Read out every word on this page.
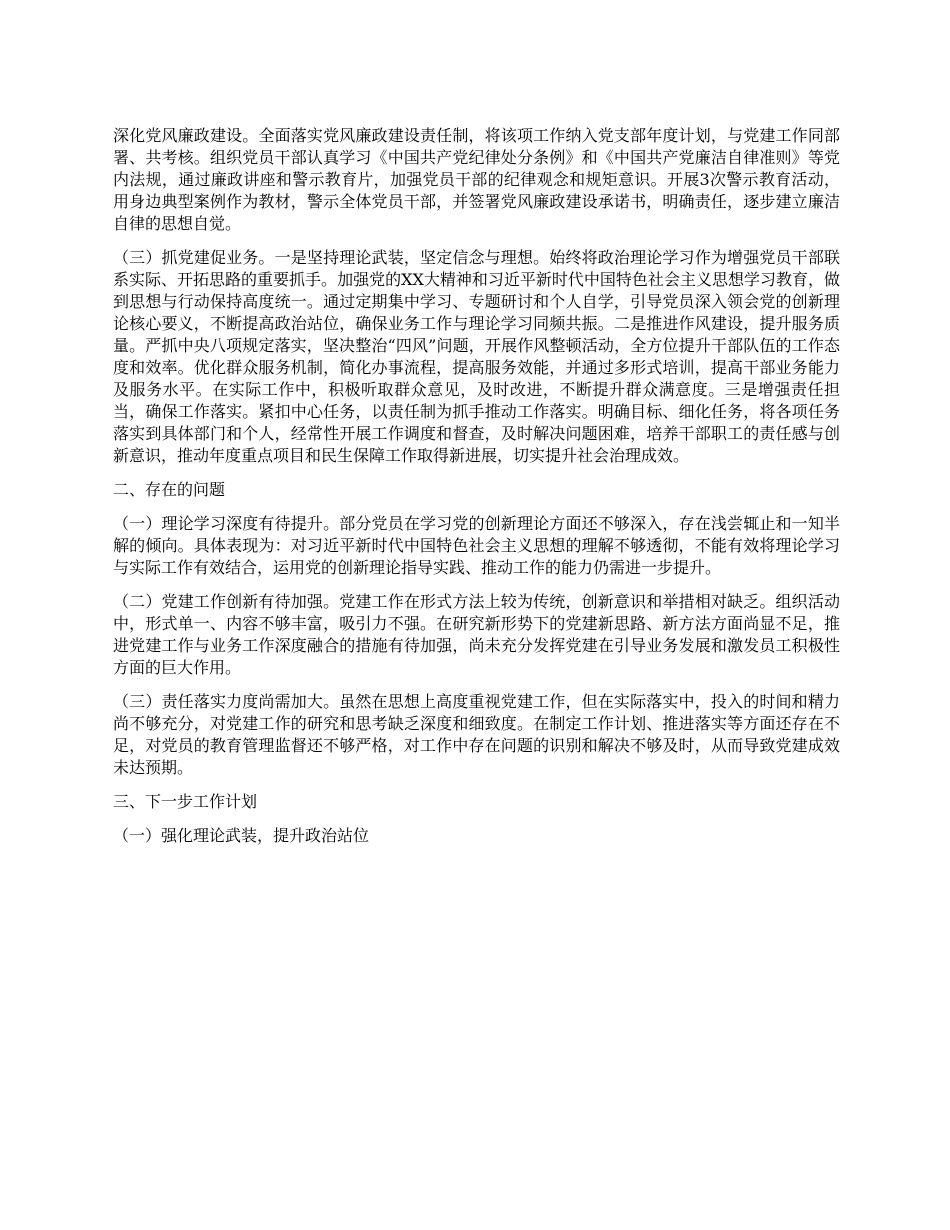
深化党风廉政建设。全面落实党风廉政建设责任制，将该项工作纳入党支部年度计划，与党建工作同部署、共考核。组织党员干部认真学习《中国共产党纪律处分条例》和《中国共产党廉洁自律准则》等党内法规，通过廉政讲座和警示教育片，加强党员干部的纪律观念和规矩意识。开展3次警示教育活动，用身边典型案例作为教材，警示全体党员干部，并签署党风廉政建设承诺书，明确责任，逐步建立廉洁自律的思想自觉。

（三）抓党建促业务。一是坚持理论武装，坚定信念与理想。始终将政治理论学习作为增强党员干部联系实际、开拓思路的重要抓手。加强党的XX大精神和习近平新时代中国特色社会主义思想学习教育，做到思想与行动保持高度统一。通过定期集中学习、专题研讨和个人自学，引导党员深入领会党的创新理论核心要义，不断提高政治站位，确保业务工作与理论学习同频共振。二是推进作风建设，提升服务质量。严抓中央八项规定落实，坚决整治“四风”问题，开展作风整顿活动，全方位提升干部队伍的工作态度和效率。优化群众服务机制，简化办事流程，提高服务效能，并通过多形式培训，提高干部业务能力及服务水平。在实际工作中，积极听取群众意见，及时改进，不断提升群众满意度。三是增强责任担当，确保工作落实。紧扣中心任务，以责任制为抓手推动工作落实。明确目标、细化任务，将各项任务落实到具体部门和个人，经常性开展工作调度和督查，及时解决问题困难，培养干部职工的责任感与创新意识，推动年度重点项目和民生保障工作取得新进展，切实提升社会治理成效。

二、存在的问题

（一）理论学习深度有待提升。部分党员在学习党的创新理论方面还不够深入，存在浅尝辄止和一知半解的倾向。具体表现为：对习近平新时代中国特色社会主义思想的理解不够透彻，不能有效将理论学习与实际工作有效结合，运用党的创新理论指导实践、推动工作的能力仍需进一步提升。

（二）党建工作创新有待加强。党建工作在形式方法上较为传统，创新意识和举措相对缺乏。组织活动中，形式单一、内容不够丰富，吸引力不强。在研究新形势下的党建新思路、新方法方面尚显不足，推进党建工作与业务工作深度融合的措施有待加强，尚未充分发挥党建在引导业务发展和激发员工积极性方面的巨大作用。

（三）责任落实力度尚需加大。虽然在思想上高度重视党建工作，但在实际落实中，投入的时间和精力尚不够充分，对党建工作的研究和思考缺乏深度和细致度。在制定工作计划、推进落实等方面还存在不足，对党员的教育管理监督还不够严格，对工作中存在问题的识别和解决不够及时，从而导致党建成效未达预期。

三、下一步工作计划

（一）强化理论武装，提升政治站位
